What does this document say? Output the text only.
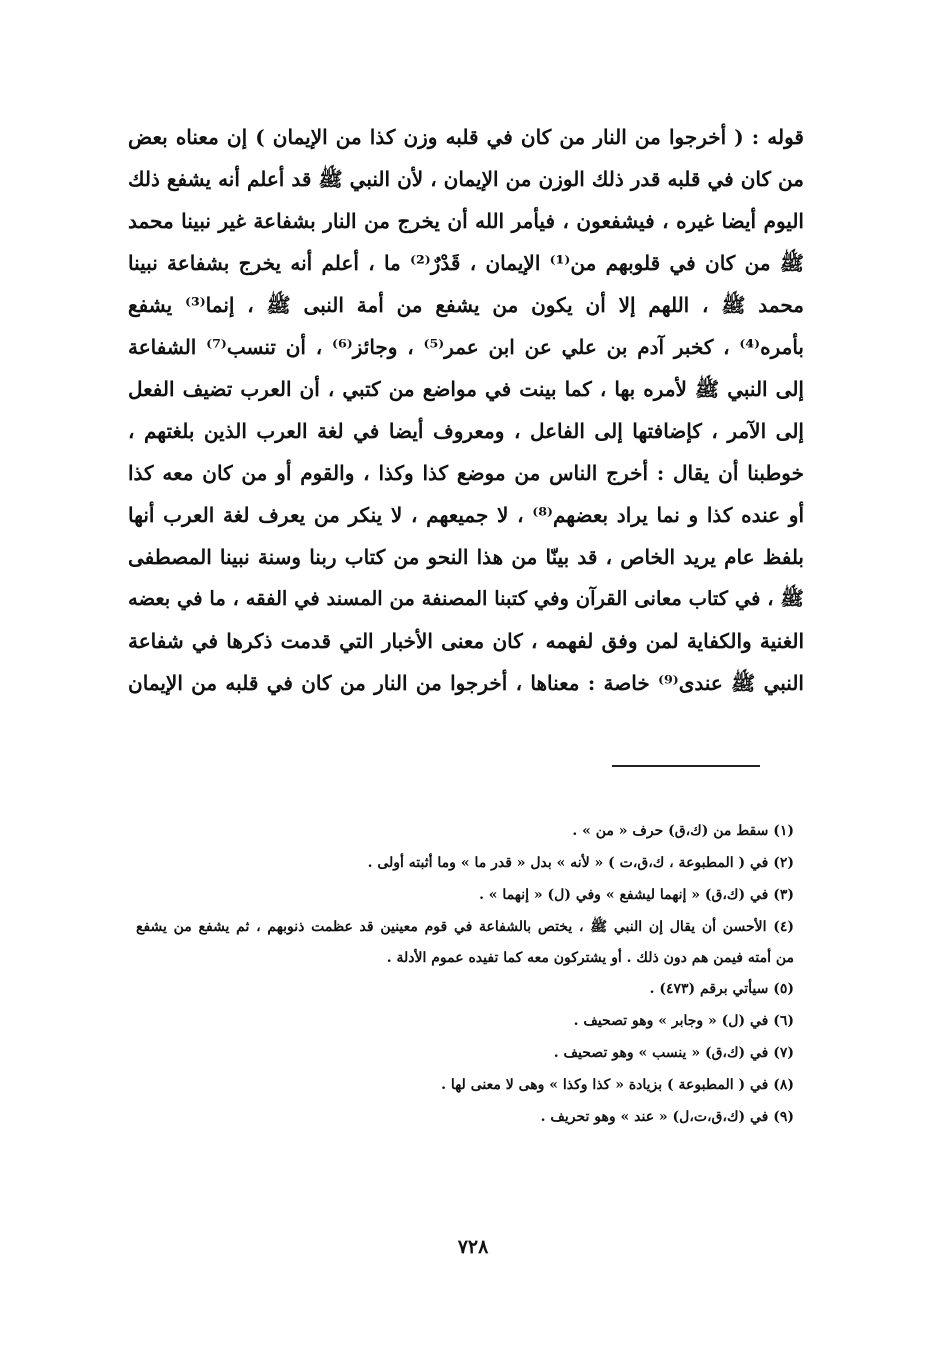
قوله : ( أخرجوا من النار من كان في قلبه وزن كذا من الإيمان ) إن معناه بعض
من كان في قلبه قدر ذلك الوزن من الإيمان ، لأن النبي ﷺ قد أعلم أنه يشفع ذلك
اليوم أيضا غيره ، فيشفعون ، فيأمر الله أن يخرج من النار بشفاعة غير نبينا محمد
ﷺ من كان في قلوبهم من⁽¹⁾ الإيمان ، قَدْرٌ⁽²⁾ ما ، أعلم أنه يخرج بشفاعة نبينا
محمد ﷺ ، اللهم إلا أن يكون من يشفع من أمة النبى ﷺ ، إنما⁽³⁾ يشفع
بأمره⁽⁴⁾ ، كخبر آدم بن علي عن ابن عمر⁽⁵⁾ ، وجائز⁽⁶⁾ ، أن تنسب⁽⁷⁾ الشفاعة
إلى النبي ﷺ لأمره بها ، كما بينت في مواضع من كتبي ، أن العرب تضيف الفعل
إلى الآمر ، كإضافتها إلى الفاعل ، ومعروف أيضا في لغة العرب الذين بلغتهم ،
خوطبنا أن يقال : أخرج الناس من موضع كذا وكذا ، والقوم أو من كان معه كذا
أو عنده كذا و نما يراد بعضهم⁽⁸⁾ ، لا جميعهم ، لا ينكر من يعرف لغة العرب أنها
بلفظ عام يريد الخاص ، قد بينّا من هذا النحو من كتاب ربنا وسنة نبينا المصطفى
ﷺ ، في كتاب معانى القرآن وفي كتبنا المصنفة من المسند في الفقه ، ما في بعضه
الغنية والكفاية لمن وفق لفهمه ، كان معنى الأخبار التي قدمت ذكرها في شفاعة
النبي ﷺ عندى⁽⁹⁾ خاصة : معناها ، أخرجوا من النار من كان في قلبه من الإيمان
(١) سقط من (ك،ق) حرف « من » .
(٢) في ( المطبوعة ، ك،ق،ت ) « لأنه » بدل « قدر ما » وما أثبته أولى .
(٣) في (ك،ق) « إنهما ليشفع » وفي (ل) « إنهما » .
(٤) الأحسن أن يقال إن النبي ﷺ ، يختص بالشفاعة في قوم معينين قد عظمت ذنوبهم ، ثم يشفع من يشفع
من أمته فيمن هم دون ذلك . أو يشتركون معه كما تفيده عموم الأدلة .
(٥) سيأتي برقم (٤٧٣) .
(٦) في (ل) « وجابر » وهو تصحيف .
(٧) في (ك،ق) « ينسب » وهو تصحيف .
(٨) في ( المطبوعة ) بزيادة « كذا وكذا » وهى لا معنى لها .
(٩) في (ك،ق،ت،ل) « عند » وهو تحريف .
٧٢٨
